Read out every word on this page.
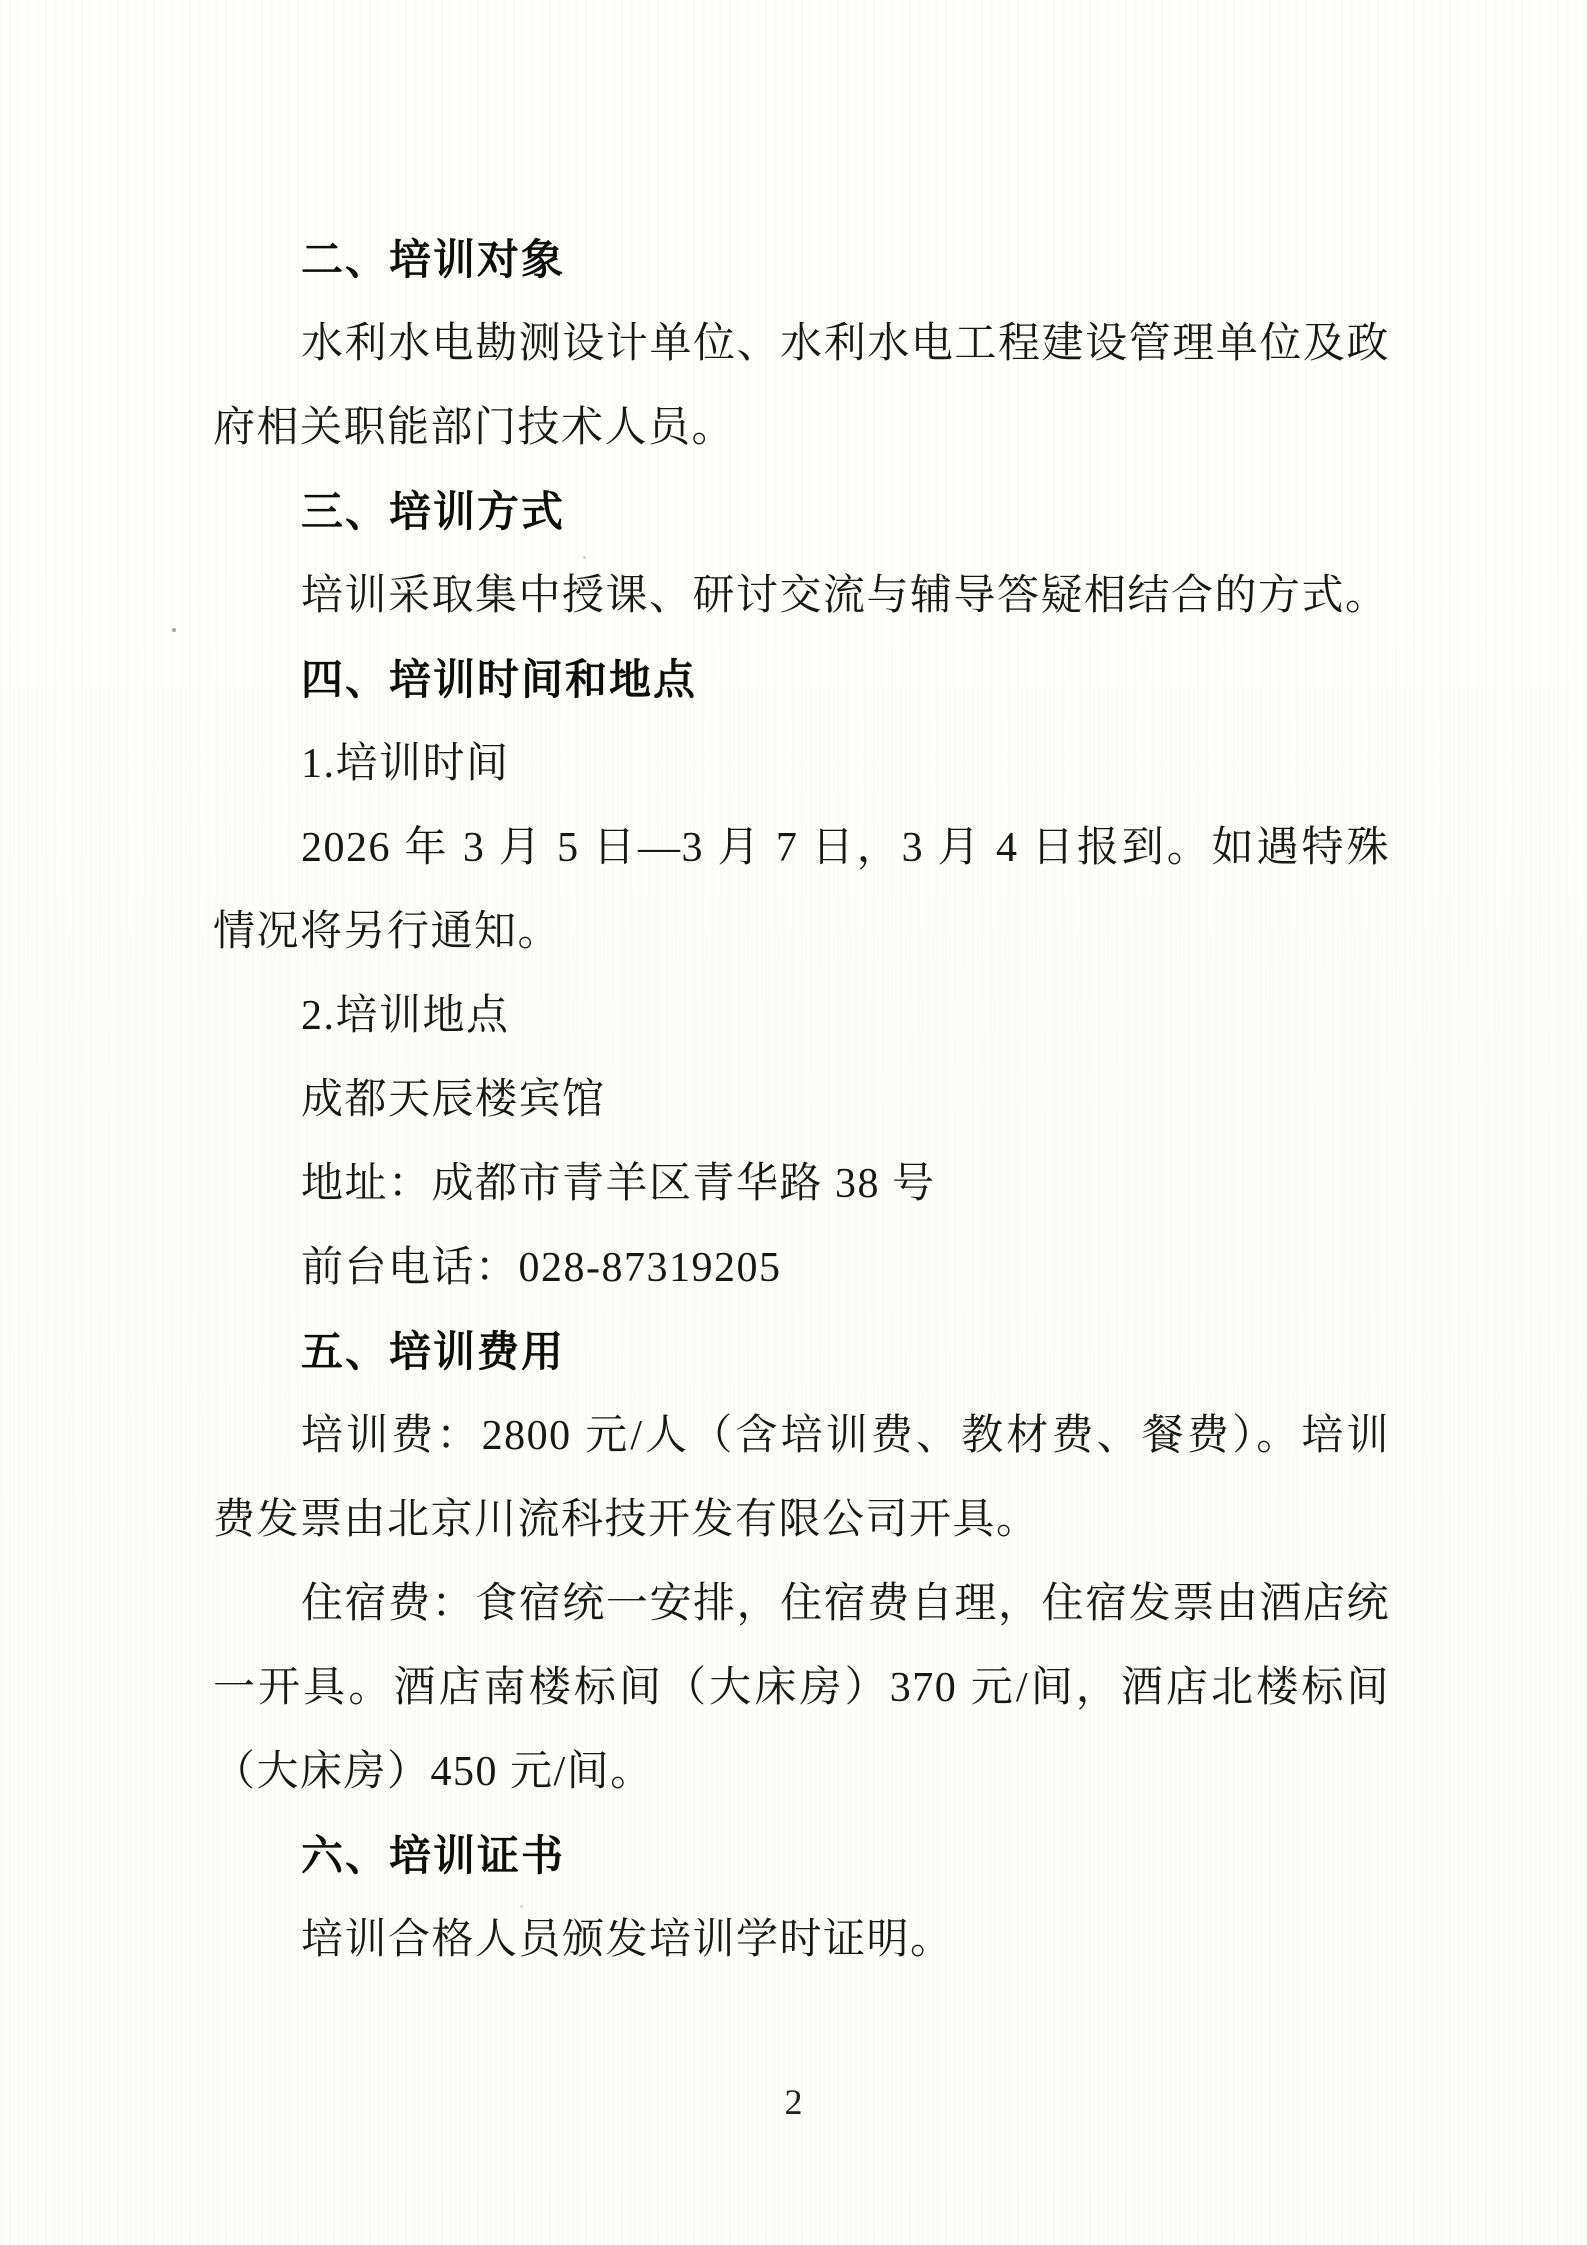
二、培训对象

水利水电勘测设计单位、水利水电工程建设管理单位及政府相关职能部门技术人员。

三、培训方式

培训采取集中授课、研讨交流与辅导答疑相结合的方式。

四、培训时间和地点

1.培训时间

2026 年 3 月 5 日—3 月 7 日，3 月 4 日报到。如遇特殊情况将另行通知。

2.培训地点

成都天辰楼宾馆

地址：成都市青羊区青华路 38 号

前台电话：028-87319205

五、培训费用

培训费：2800 元/人（含培训费、教材费、餐费）。培训费发票由北京川流科技开发有限公司开具。

住宿费：食宿统一安排，住宿费自理，住宿发票由酒店统一开具。酒店南楼标间（大床房）370 元/间，酒店北楼标间（大床房）450 元/间。

六、培训证书

培训合格人员颁发培训学时证明。

2
